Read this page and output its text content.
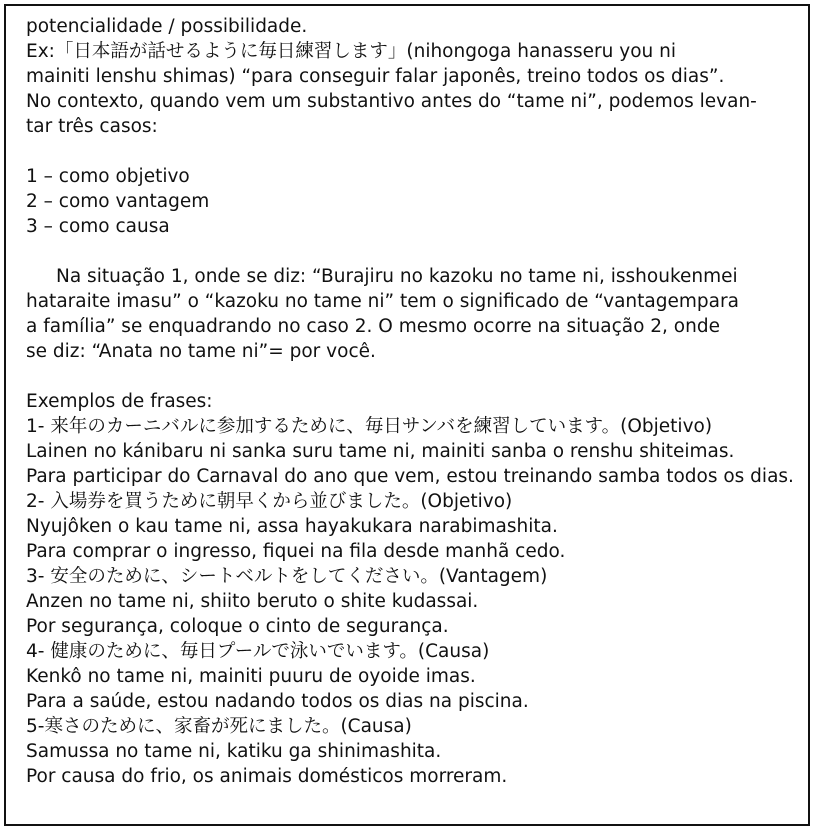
potencialidade / possibilidade.

Ex:「日本語が話せるように毎日練習します」(nihongoga hanasseru you ni

mainiti lenshu shimas) “para conseguir falar japonês, treino todos os dias”.

No contexto, quando vem um substantivo antes do “tame ni”, podemos levan-

tar três casos:

1 – como objetivo

2 – como vantagem

3 – como causa

Na situação 1, onde se diz: “Burajiru no kazoku no tame ni, isshoukenmei

hataraite imasu” o “kazoku no tame ni” tem o significado de “vantagempara

a família” se enquadrando no caso 2. O mesmo ocorre na situação 2, onde

se diz: “Anata no tame ni”= por você.

Exemplos de frases:

1- 来年のカーニバルに参加するために、毎日サンバを練習しています。(Objetivo)

Lainen no kánibaru ni sanka suru tame ni, mainiti sanba o renshu shiteimas.

Para participar do Carnaval do ano que vem, estou treinando samba todos os dias.

2- 入場券を買うために朝早くから並びました。(Objetivo)

Nyujôken o kau tame ni, assa hayakukara narabimashita.

Para comprar o ingresso, fiquei na fila desde manhã cedo.

3- 安全のために、シートベルトをしてください。(Vantagem)

Anzen no tame ni, shiito beruto o shite kudassai.

Por segurança, coloque o cinto de segurança.

4- 健康のために、毎日プールで泳いでいます。(Causa)

Kenkô no tame ni, mainiti puuru de oyoide imas.

Para a saúde, estou nadando todos os dias na piscina.

5-寒さのために、家畜が死にました。(Causa)

Samussa no tame ni, katiku ga shinimashita.

Por causa do frio, os animais domésticos morreram.
